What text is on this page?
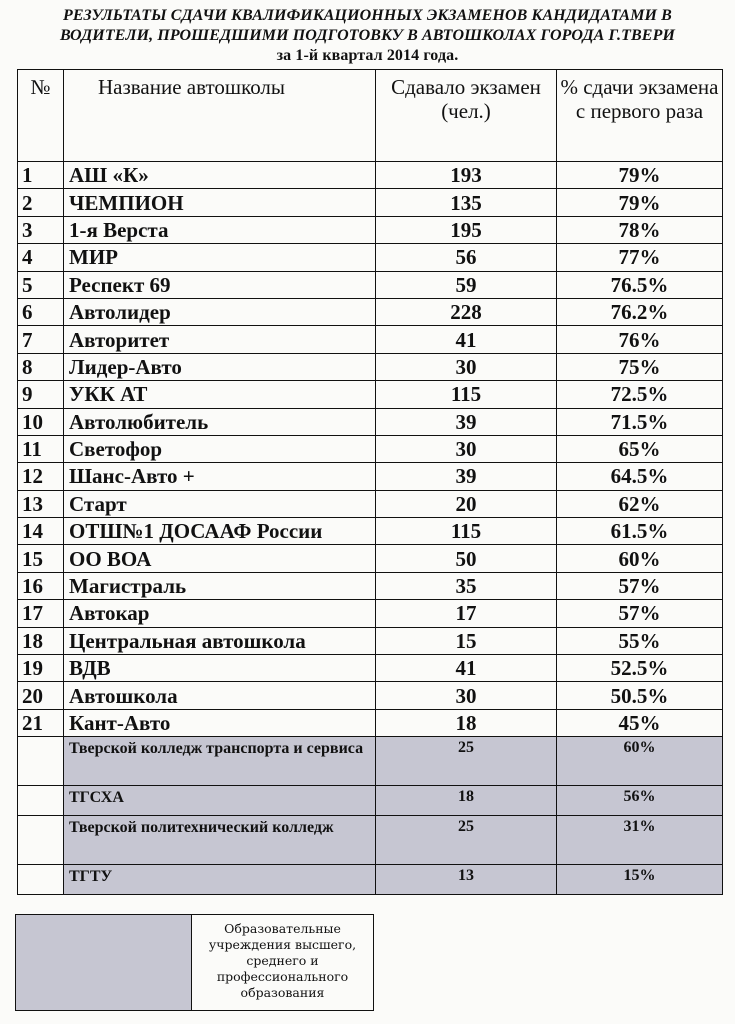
РЕЗУЛЬТАТЫ СДАЧИ КВАЛИФИКАЦИОННЫХ ЭКЗАМЕНОВ КАНДИДАТАМИ В
ВОДИТЕЛИ, ПРОШЕДШИМИ ПОДГОТОВКУ В АВТОШКОЛАХ ГОРОДА Г.ТВЕРИ
за 1-й квартал 2014 года.
№	Название автошколы	Сдавало экзамен (чел.)	% сдачи экзамена с первого раза
1	АШ «К»	193	79%
2	ЧЕМПИОН	135	79%
3	1-я Верста	195	78%
4	МИР	56	77%
5	Респект 69	59	76.5%
6	Автолидер	228	76.2%
7	Авторитет	41	76%
8	Лидер-Авто	30	75%
9	УКК АТ	115	72.5%
10	Автолюбитель	39	71.5%
11	Светофор	30	65%
12	Шанс-Авто +	39	64.5%
13	Старт	20	62%
14	ОТШ№1 ДОСААФ России	115	61.5%
15	ОО ВОА	50	60%
16	Магистраль	35	57%
17	Автокар	17	57%
18	Центральная автошкола	15	55%
19	ВДВ	41	52.5%
20	Автошкола	30	50.5%
21	Кант-Авто	18	45%
	Тверской колледж транспорта и сервиса	25	60%
	ТГСХА	18	56%
	Тверской политехнический колледж	25	31%
	ТГТУ	13	15%
Образовательные учреждения высшего, среднего и профессионального образования
